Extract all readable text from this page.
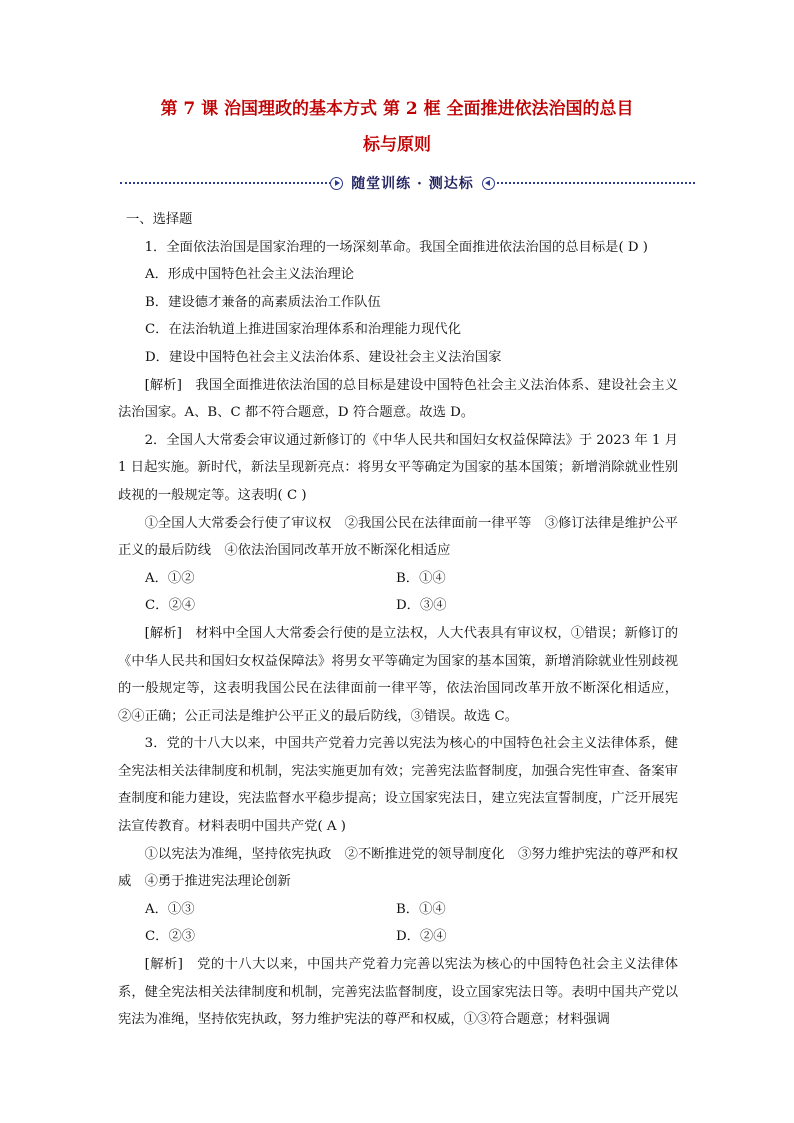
第 7 课 治国理政的基本方式 第 2 框 全面推进依法治国的总目
标与原则
随堂训练 · 测达标

一、选择题

1．全面依法治国是国家治理的一场深刻革命。我国全面推进依法治国的总目标是( D )

A．形成中国特色社会主义法治理论

B．建设德才兼备的高素质法治工作队伍

C．在法治轨道上推进国家治理体系和治理能力现代化

D．建设中国特色社会主义法治体系、建设社会主义法治国家

[解析]　我国全面推进依法治国的总目标是建设中国特色社会主义法治体系、建设社会主义法治国家。A、B、C 都不符合题意，D 符合题意。故选 D。

2．全国人大常委会审议通过新修订的《中华人民共和国妇女权益保障法》于 2023 年 1 月 1 日起实施。新时代，新法呈现新亮点：将男女平等确定为国家的基本国策；新增消除就业性别歧视的一般规定等。这表明( C )

①全国人大常委会行使了审议权　②我国公民在法律面前一律平等　③修订法律是维护公平正义的最后防线　④依法治国同改革开放不断深化相适应

A．①②	B．①④
C．②④	D．③④

[解析]　材料中全国人大常委会行使的是立法权，人大代表具有审议权，①错误；新修订的《中华人民共和国妇女权益保障法》将男女平等确定为国家的基本国策，新增消除就业性别歧视的一般规定等，这表明我国公民在法律面前一律平等，依法治国同改革开放不断深化相适应，②④正确；公正司法是维护公平正义的最后防线，③错误。故选 C。

3．党的十八大以来，中国共产党着力完善以宪法为核心的中国特色社会主义法律体系，健全宪法相关法律制度和机制，宪法实施更加有效；完善宪法监督制度，加强合宪性审查、备案审查制度和能力建设，宪法监督水平稳步提高；设立国家宪法日，建立宪法宣誓制度，广泛开展宪法宣传教育。材料表明中国共产党( A )

①以宪法为准绳，坚持依宪执政　②不断推进党的领导制度化　③努力维护宪法的尊严和权威　④勇于推进宪法理论创新

A．①③	B．①④
C．②③	D．②④

[解析]　党的十八大以来，中国共产党着力完善以宪法为核心的中国特色社会主义法律体系，健全宪法相关法律制度和机制，完善宪法监督制度，设立国家宪法日等。表明中国共产党以宪法为准绳，坚持依宪执政，努力维护宪法的尊严和权威，①③符合题意；材料强调
